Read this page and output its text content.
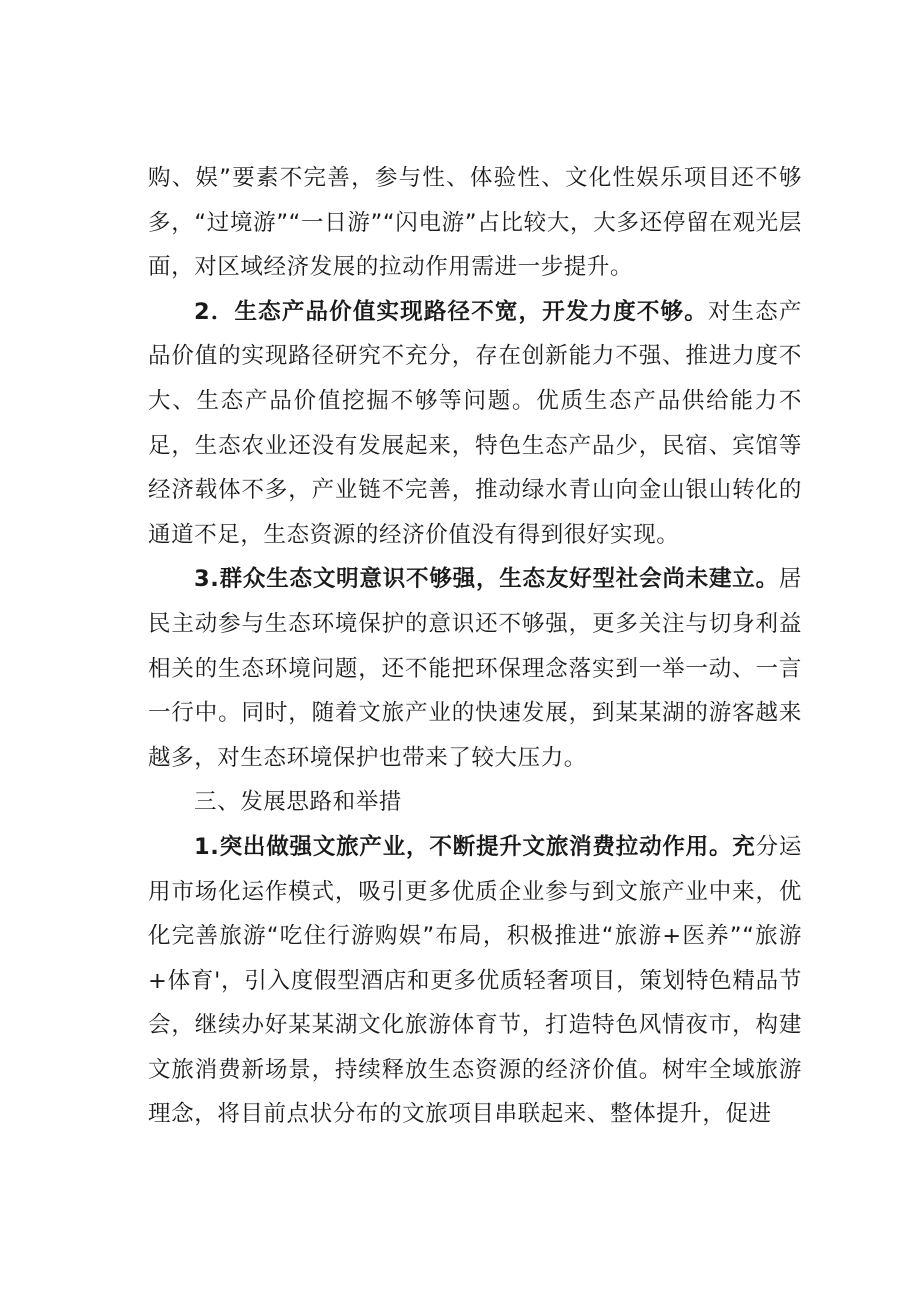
购、娱”要素不完善，参与性、体验性、文化性娱乐项目还不够多，“过境游”“一日游”“闪电游”占比较大，大多还停留在观光层面，对区域经济发展的拉动作用需进一步提升。

2．生态产品价值实现路径不宽，开发力度不够。对生态产品价值的实现路径研究不充分，存在创新能力不强、推进力度不大、生态产品价值挖掘不够等问题。优质生态产品供给能力不足，生态农业还没有发展起来，特色生态产品少，民宿、宾馆等经济载体不多，产业链不完善，推动绿水青山向金山银山转化的通道不足，生态资源的经济价值没有得到很好实现。

3.群众生态文明意识不够强，生态友好型社会尚未建立。居民主动参与生态环境保护的意识还不够强，更多关注与切身利益相关的生态环境问题，还不能把环保理念落实到一举一动、一言一行中。同时，随着文旅产业的快速发展，到某某湖的游客越来越多，对生态环境保护也带来了较大压力。

三、发展思路和举措

1.突出做强文旅产业，不断提升文旅消费拉动作用。充分运用市场化运作模式，吸引更多优质企业参与到文旅产业中来，优化完善旅游“吃住行游购娱”布局，积极推进“旅游+医养”“旅游+体育'，引入度假型酒店和更多优质轻奢项目，策划特色精品节会，继续办好某某湖文化旅游体育节，打造特色风情夜市，构建文旅消费新场景，持续释放生态资源的经济价值。树牢全域旅游理念，将目前点状分布的文旅项目串联起来、整体提升，促进
